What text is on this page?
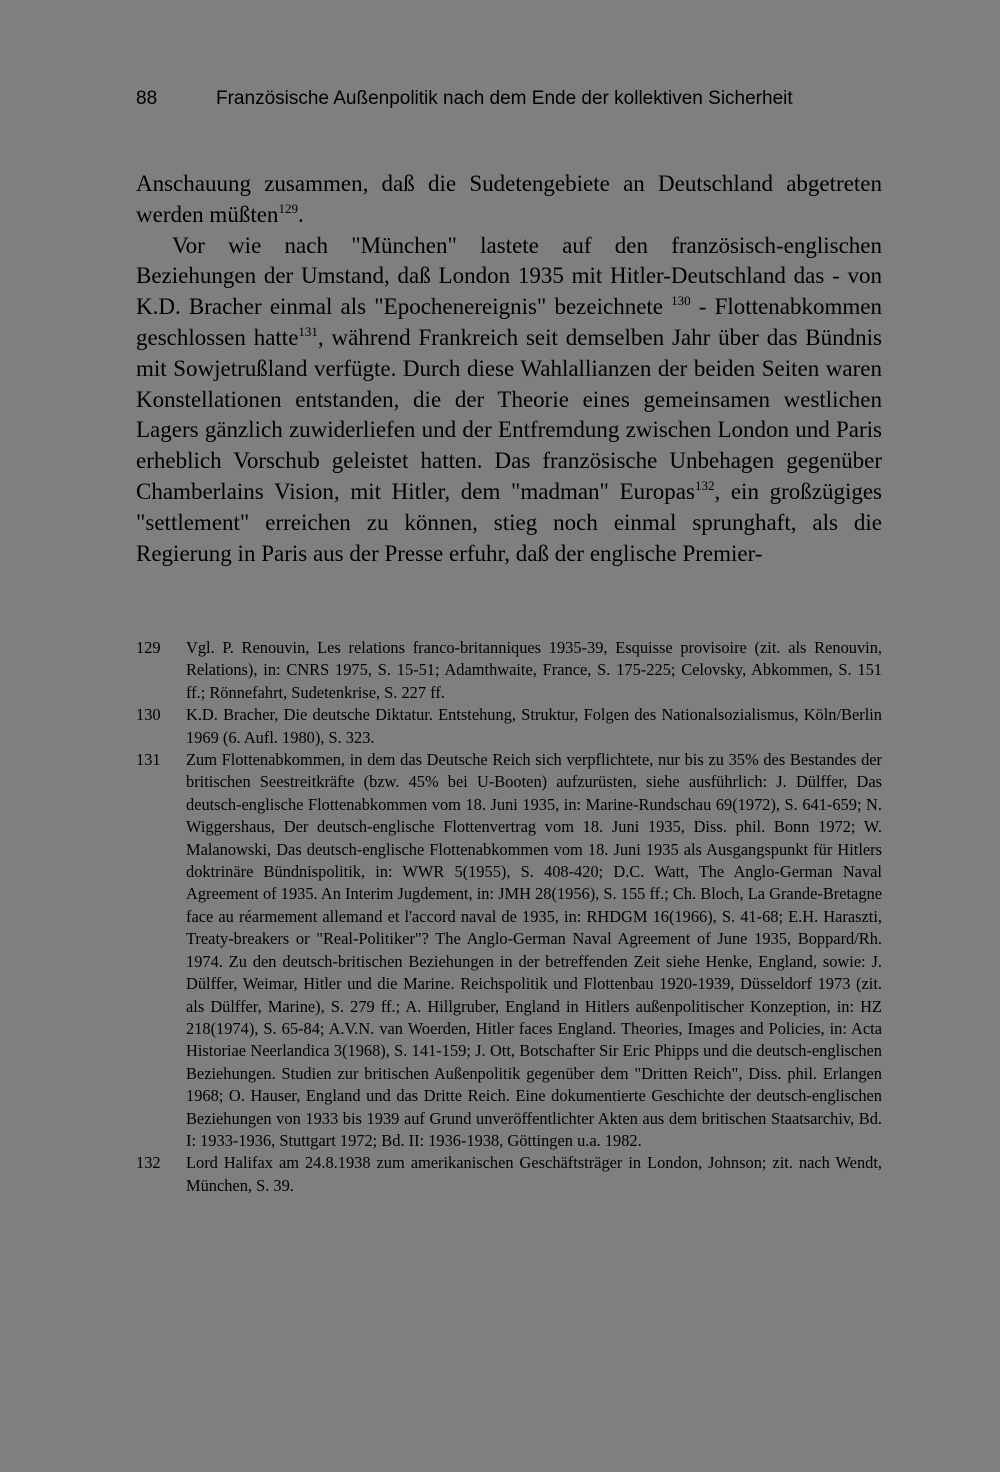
88	Französische Außenpolitik nach dem Ende der kollektiven Sicherheit

Anschauung zusammen, daß die Sudetengebiete an Deutschland abgetreten werden müßten$^{129}$.

Vor wie nach "München" lastete auf den französisch-englischen Beziehungen der Umstand, daß London 1935 mit Hitler-Deutschland das - von K.D. Bracher einmal als "Epochenereignis" bezeichnete $^{130}$ - Flottenabkommen geschlossen hatte$^{131}$, während Frankreich seit demselben Jahr über das Bündnis mit Sowjetrußland verfügte. Durch diese Wahlallianzen der beiden Seiten waren Konstellationen entstanden, die der Theorie eines gemeinsamen westlichen Lagers gänzlich zuwiderliefen und der Entfremdung zwischen London und Paris erheblich Vorschub geleistet hatten. Das französische Unbehagen gegenüber Chamberlains Vision, mit Hitler, dem "madman" Europas$^{132}$, ein großzügiges "settlement" erreichen zu können, stieg noch einmal sprunghaft, als die Regierung in Paris aus der Presse erfuhr, daß der englische Premier-

129	Vgl. P. Renouvin, Les relations franco-britanniques 1935-39, Esquisse provisoire (zit. als Renouvin, Relations), in: CNRS 1975, S. 15-51; Adamthwaite, France, S. 175-225; Celovsky, Abkommen, S. 151 ff.; Rönnefahrt, Sudetenkrise, S. 227 ff.
130	K.D. Bracher, Die deutsche Diktatur. Entstehung, Struktur, Folgen des Nationalsozialismus, Köln/Berlin 1969 (6. Aufl. 1980), S. 323.
131	Zum Flottenabkommen, in dem das Deutsche Reich sich verpflichtete, nur bis zu 35% des Bestandes der britischen Seestreitkräfte (bzw. 45% bei U-Booten) aufzurüsten, siehe ausführlich: J. Dülffer, Das deutsch-englische Flottenabkommen vom 18. Juni 1935, in: Marine-Rundschau 69(1972), S. 641-659; N. Wiggershaus, Der deutsch-englische Flottenvertrag vom 18. Juni 1935, Diss. phil. Bonn 1972; W. Malanowski, Das deutsch-englische Flottenabkommen vom 18. Juni 1935 als Ausgangspunkt für Hitlers doktrinäre Bündnispolitik, in: WWR 5(1955), S. 408-420; D.C. Watt, The Anglo-German Naval Agreement of 1935. An Interim Jugdement, in: JMH 28(1956), S. 155 ff.; Ch. Bloch, La Grande-Bretagne face au réarmement allemand et l'accord naval de 1935, in: RHDGM 16(1966), S. 41-68; E.H. Haraszti, Treaty-breakers or "Real-Politiker"? The Anglo-German Naval Agreement of June 1935, Boppard/Rh. 1974. Zu den deutsch-britischen Beziehungen in der betreffenden Zeit siehe Henke, England, sowie: J. Dülffer, Weimar, Hitler und die Marine. Reichspolitik und Flottenbau 1920-1939, Düsseldorf 1973 (zit. als Dülffer, Marine), S. 279 ff.; A. Hillgruber, England in Hitlers außenpolitischer Konzeption, in: HZ 218(1974), S. 65-84; A.V.N. van Woerden, Hitler faces England. Theories, Images and Policies, in: Acta Historiae Neerlandica 3(1968), S. 141-159; J. Ott, Botschafter Sir Eric Phipps und die deutsch-englischen Beziehungen. Studien zur britischen Außenpolitik gegenüber dem "Dritten Reich", Diss. phil. Erlangen 1968; O. Hauser, England und das Dritte Reich. Eine dokumentierte Geschichte der deutsch-englischen Beziehungen von 1933 bis 1939 auf Grund unveröffentlichter Akten aus dem britischen Staatsarchiv, Bd. I: 1933-1936, Stuttgart 1972; Bd. II: 1936-1938, Göttingen u.a. 1982.
132	Lord Halifax am 24.8.1938 zum amerikanischen Geschäftsträger in London, Johnson; zit. nach Wendt, München, S. 39.
